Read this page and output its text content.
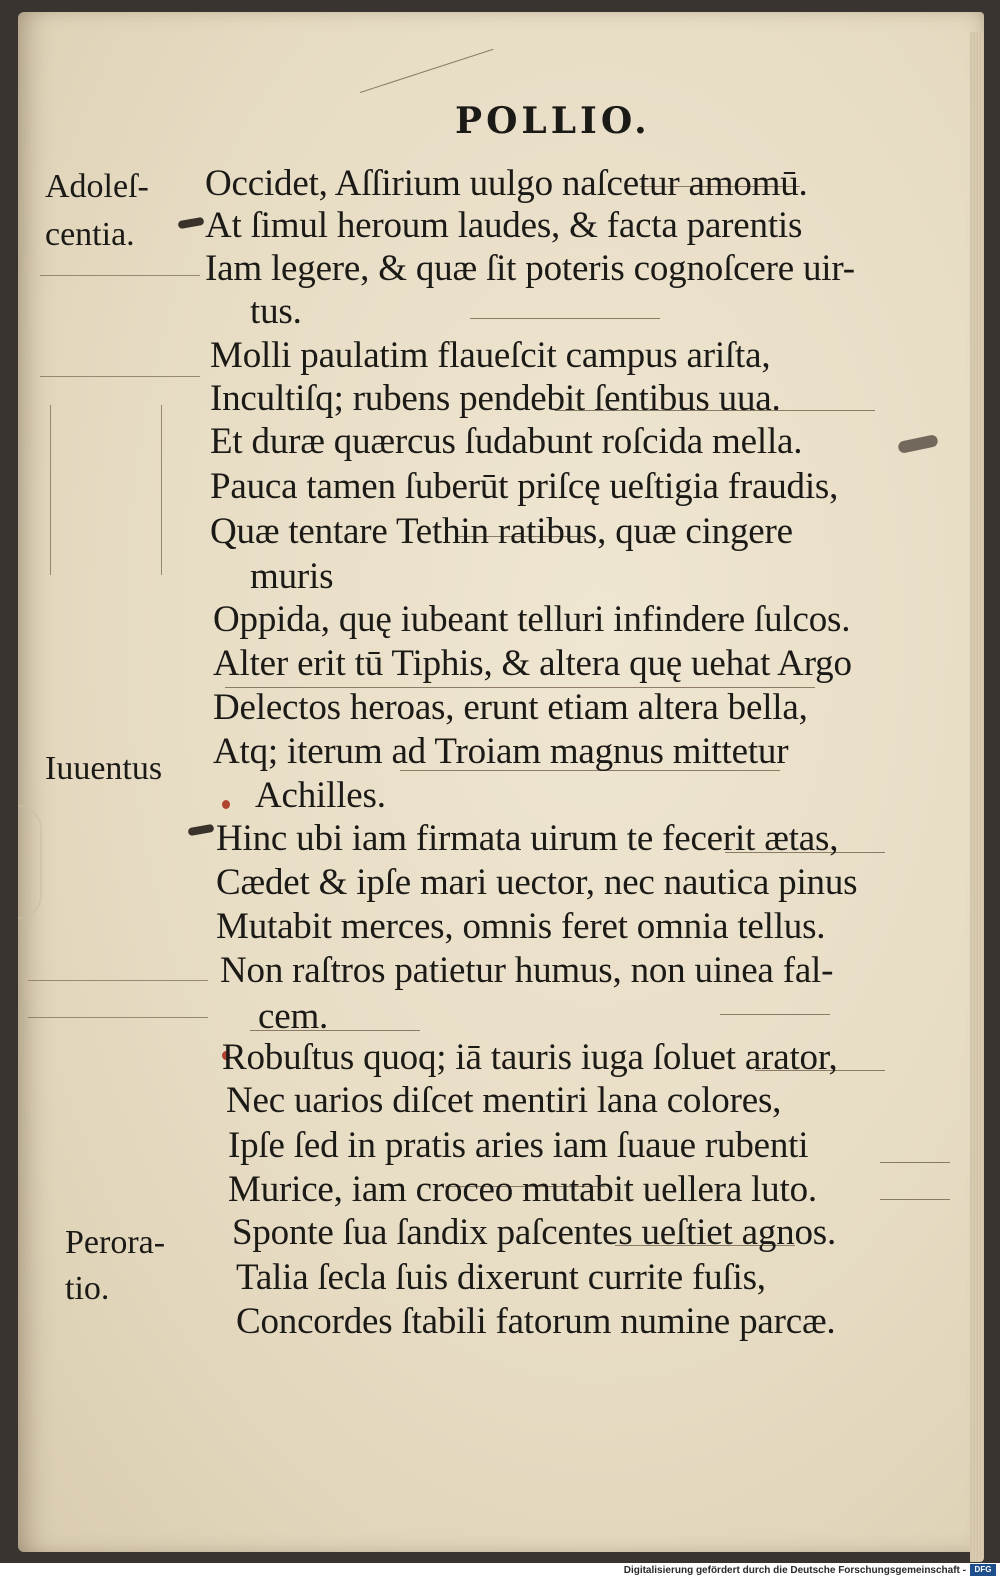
POLLIO.
Adoleſ-
centia.
Iuuentus
Perora-
tio.
Occidet, Aſſirium uulgo naſcetur amomū.
At ſimul heroum laudes, & facta parentis
Iam legere, & quæ ſit poteris cognoſcere uir-
tus.
Molli paulatim flaueſcit campus ariſta,
Incultiſq; rubens pendebit ſentibus uua.
Et duræ quærcus ſudabunt roſcida mella.
Pauca tamen ſuberūt priſcę ueſtigia fraudis,
Quæ tentare Tethin ratibus, quæ cingere
muris
Oppida, quę iubeant telluri infindere ſulcos.
Alter erit tū Tiphis, & altera quę uehat Argo
Delectos heroas, erunt etiam altera bella,
Atq; iterum ad Troiam magnus mittetur
Achilles.
Hinc ubi iam firmata uirum te fecerit ætas,
Cædet & ipſe mari uector, nec nautica pinus
Mutabit merces, omnis feret omnia tellus.
Non raſtros patietur humus, non uinea fal-
cem.
Robuſtus quoq; iā tauris iuga ſoluet arator,
Nec uarios diſcet mentiri lana colores,
Ipſe ſed in pratis aries iam ſuaue rubenti
Murice, iam croceo mutabit uellera luto.
Sponte ſua ſandix paſcentes ueſtiet agnos.
Talia ſecla ſuis dixerunt currite fuſis,
Concordes ſtabili fatorum numine parcæ.
Digitalisierung gefördert durch die Deutsche Forschungsgemeinschaft -	DFG
